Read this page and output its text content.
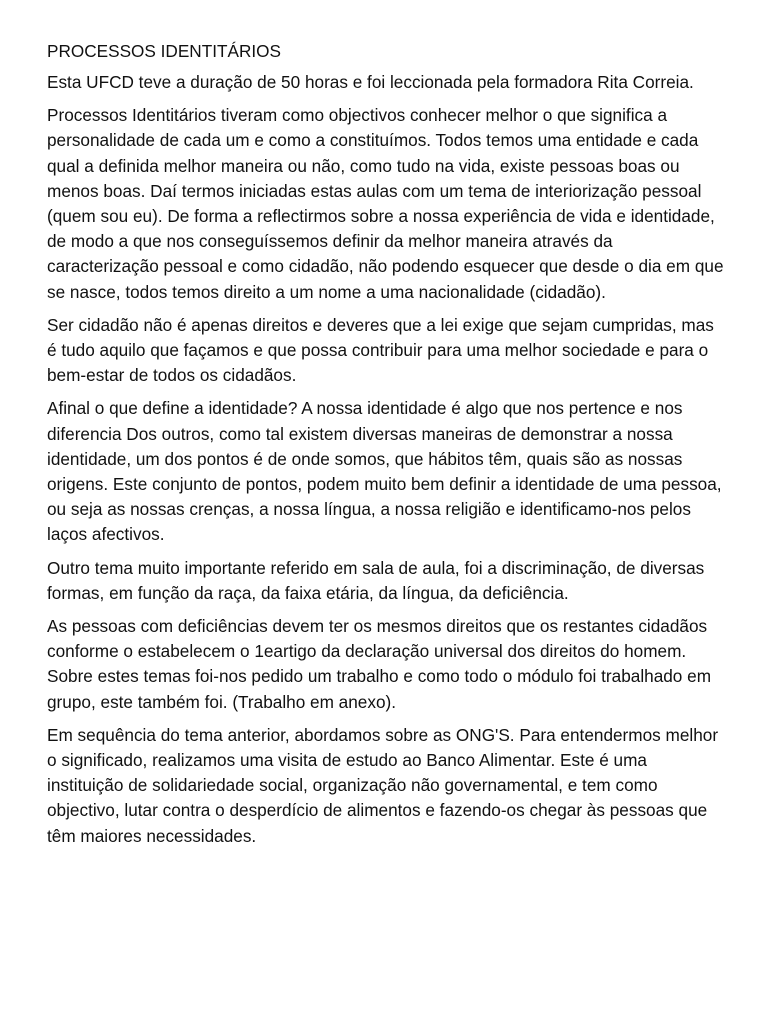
PROCESSOS IDENTITÁRIOS

Esta UFCD teve a duração de 50 horas e foi leccionada pela formadora Rita Correia.

Processos Identitários tiveram como objectivos conhecer melhor o que significa a personalidade de cada um e como a constituímos. Todos temos uma entidade e cada qual a definida melhor maneira ou não, como tudo na vida, existe pessoas boas ou menos boas. Daí termos iniciadas estas aulas com um tema de interiorização pessoal (quem sou eu). De forma a reflectirmos sobre a nossa experiência de vida e identidade, de modo a que nos conseguíssemos definir da melhor maneira através da caracterização pessoal e como cidadão, não podendo esquecer que desde o dia em que se nasce, todos temos direito a um nome a uma nacionalidade (cidadão).

Ser cidadão não é apenas direitos e deveres que a lei exige que sejam cumpridas, mas é tudo aquilo que façamos e que possa contribuir para uma melhor sociedade e para o bem-estar de todos os cidadãos.

Afinal o que define a identidade? A nossa identidade é algo que nos pertence e nos diferencia Dos outros, como tal existem diversas maneiras de demonstrar a nossa identidade, um dos pontos é de onde somos, que hábitos têm, quais são as nossas origens. Este conjunto de pontos, podem muito bem definir a identidade de uma pessoa, ou seja as nossas crenças, a nossa língua, a nossa religião e identificamo-nos pelos laços afectivos.

Outro tema muito importante referido em sala de aula, foi a discriminação, de diversas formas, em função da raça, da faixa etária, da língua, da deficiência.

As pessoas com deficiências devem ter os mesmos direitos que os restantes cidadãos conforme o estabelecem o 1eartigo da declaração universal dos direitos do homem. Sobre estes temas foi-nos pedido um trabalho e como todo o módulo foi trabalhado em grupo, este também foi. (Trabalho em anexo).

Em sequência do tema anterior, abordamos sobre as ONG'S. Para entendermos melhor o significado, realizamos uma visita de estudo ao Banco Alimentar. Este é uma instituição de solidariedade social, organização não governamental, e tem como objectivo, lutar contra o desperdício de alimentos e fazendo-os chegar às pessoas que têm maiores necessidades.
